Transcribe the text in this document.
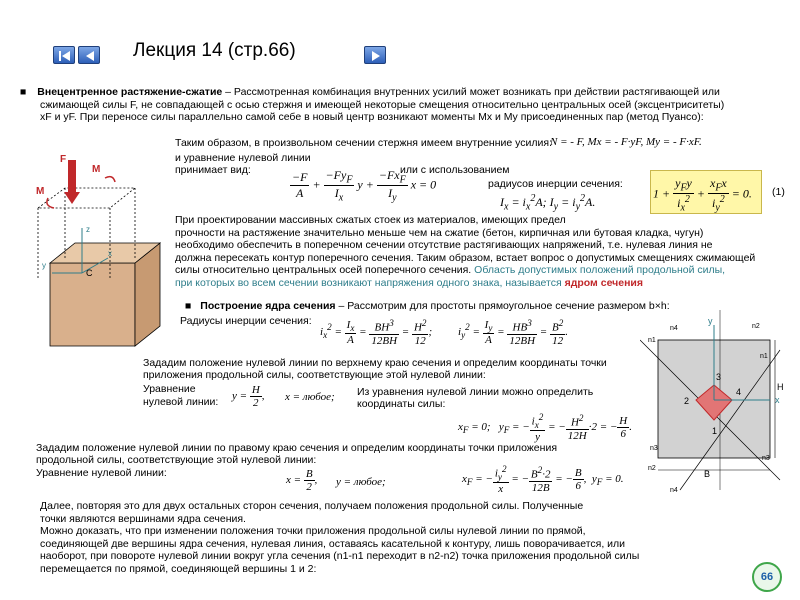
Лекция 14 (стр.66)
■ Внецентренное растяжение-сжатие – Рассмотренная комбинация внутренних усилий может возникать при действии растягивающей или
сжимающей силы F, не совпадающей с осью стержня и имеющей некоторые смещения относительно центральных осей (эксцентриситеты)
xF и yF. При переносе силы параллельно самой себе в новый центр возникают моменты Mx и My присоединенных пар (метод Пуансо):
F
M
M
z
x
y
C
Таким образом, в произвольном сечении стержня имеем внутренние усилия:
N = - F, Mx = - F·yF, My = - F·xF.
и уравнение нулевой линии
принимает вид:	или с использованием
радиусов инерции сечения:
$\frac{-F}{A} + \frac{-Fy_F}{I_x}$ $y + \frac{-Fx_F}{I_y}$ x = 0
$I_x = i_x^2A$; $I_y = i_y^2A$.
$1 + \frac{y_Fy}{i_x^2} + \frac{x_Fx}{i_y^2} = 0$. (1)
При проектировании массивных сжатых стоек из материалов, имеющих предел
прочности на растяжение значительно меньше чем на сжатие (бетон, кирпичная или бутовая кладка, чугун)
необходимо обеспечить в поперечном сечении отсутствие растягивающих напряжений, т.е. нулевая линия не
должна пересекать контур поперечного сечения. Таким образом, встает вопрос о допустимых смещениях сжимающей
силы относительно центральных осей поперечного сечения. Область допустимых положений продольной силы,
при которых во всем сечении возникают напряжения одного знака, называется ядром сечения
■ Построение ядра сечения – Рассмотрим для простоты прямоугольное сечение размером b×h:
Радиусы инерции сечения:
$i_x^2 = \frac{I_x}{A} = \frac{BH^3}{12BH} = \frac{H^2}{12}$ ; $i_y^2 = \frac{I_y}{A} = \frac{HB^3}{12BH} = \frac{B^2}{12}$ .
Зададим положение нулевой линии по верхнему краю сечения и определим координаты точки
приложения продольной силы, соответствующие этой нулевой линии:
Уравнение
нулевой линии: $y = \frac{H}{2}$ , x = любое; Из уравнения нулевой линии можно определить
координаты силы:
$x_F = 0$;   $y_F$ = − $\frac{i_x^2}{y}$ = − $\frac{H^2}{12H} \cdot 2$ = − $\frac{H}{6}$ .
Зададим положение нулевой линии по правому краю сечения и определим координаты точки приложения
продольной силы, соответствующие этой нулевой линии:
Уравнение нулевой линии:
$x = \frac{B}{2}$ , y = любое;	$x_F$ = − $\frac{i_y^2}{x}$ = − $\frac{B^2\cdot 2}{12B}$ = − $\frac{B}{6}$ ,  $y_F = 0$.
Далее, повторяя это для двух остальных сторон сечения, получаем положения продольной силы. Полученные
точки являются вершинами ядра сечения.
Можно доказать, что при изменении положения точки приложения продольной силы нулевой линии по прямой,
соединяющей две вершины ядра сечения, нулевая линия, оставаясь касательной к контуру, лишь поворачивается, или
наоборот, при повороте нулевой линии вокруг угла сечения (n1-n1 переходит в n2-n2) точка приложения продольной силы
перемещается по прямой, соединяющей вершины 1 и 2:
y
x
B
H
3
4
2
1
n4
n1
n2
n3
n3
n4
n1
n2
66
